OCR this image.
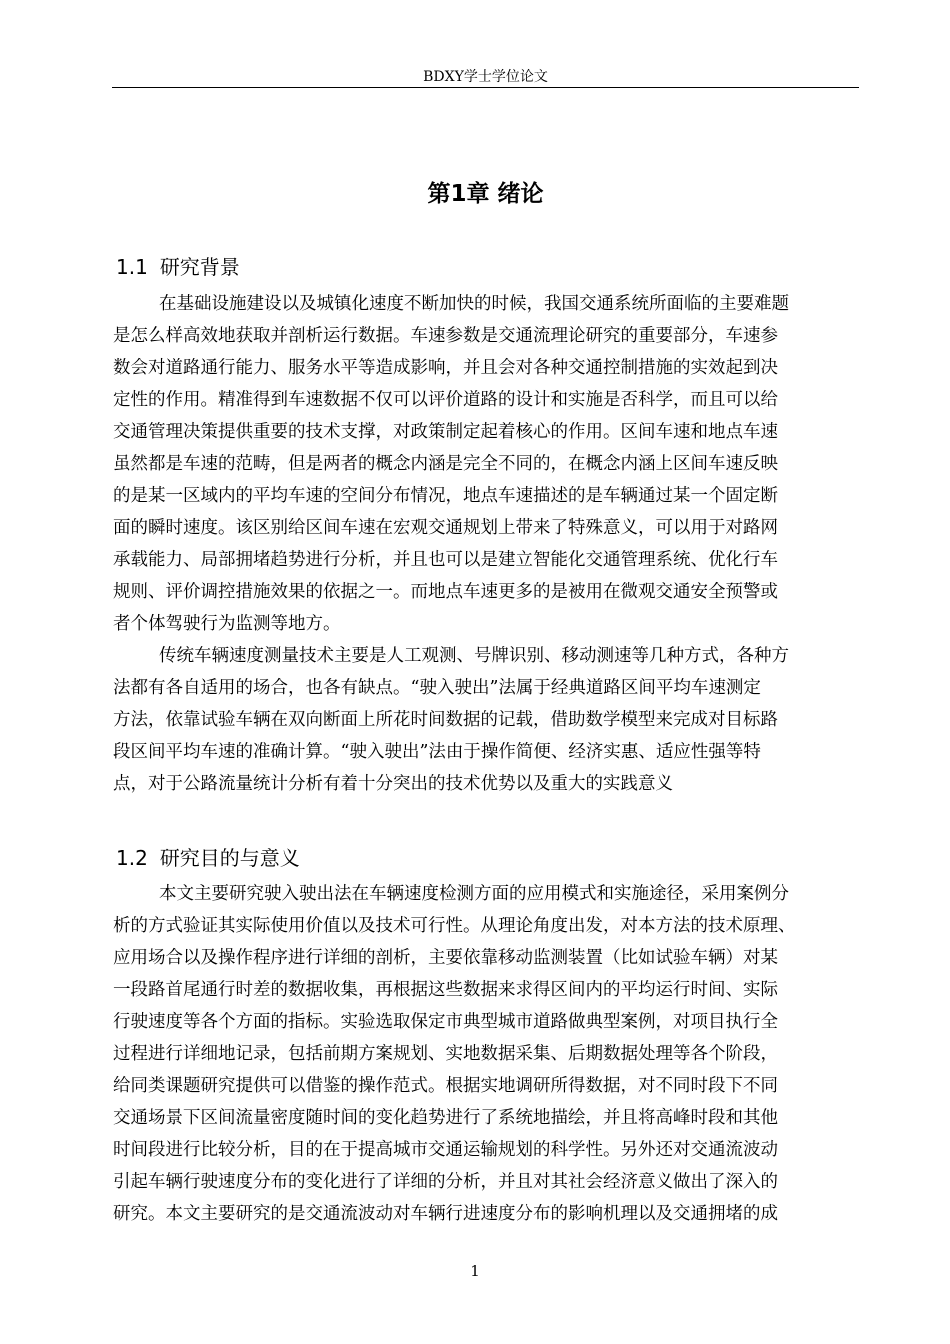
BDXY学士学位论文
第1章 绪论
1.1 研究背景
在基础设施建设以及城镇化速度不断加快的时候，我国交通系统所面临的主要难题
是怎么样高效地获取并剖析运行数据。车速参数是交通流理论研究的重要部分，车速参
数会对道路通行能力、服务水平等造成影响，并且会对各种交通控制措施的实效起到决
定性的作用。精准得到车速数据不仅可以评价道路的设计和实施是否科学，而且可以给
交通管理决策提供重要的技术支撑，对政策制定起着核心的作用。区间车速和地点车速
虽然都是车速的范畴，但是两者的概念内涵是完全不同的，在概念内涵上区间车速反映
的是某一区域内的平均车速的空间分布情况，地点车速描述的是车辆通过某一个固定断
面的瞬时速度。该区别给区间车速在宏观交通规划上带来了特殊意义，可以用于对路网
承载能力、局部拥堵趋势进行分析，并且也可以是建立智能化交通管理系统、优化行车
规则、评价调控措施效果的依据之一。而地点车速更多的是被用在微观交通安全预警或
者个体驾驶行为监测等地方。
传统车辆速度测量技术主要是人工观测、号牌识别、移动测速等几种方式，各种方
法都有各自适用的场合，也各有缺点。“驶入驶出”法属于经典道路区间平均车速测定
方法，依靠试验车辆在双向断面上所花时间数据的记载，借助数学模型来完成对目标路
段区间平均车速的准确计算。“驶入驶出”法由于操作简便、经济实惠、适应性强等特
点，对于公路流量统计分析有着十分突出的技术优势以及重大的实践意义
1.2 研究目的与意义
本文主要研究驶入驶出法在车辆速度检测方面的应用模式和实施途径，采用案例分
析的方式验证其实际使用价值以及技术可行性。从理论角度出发，对本方法的技术原理、
应用场合以及操作程序进行详细的剖析，主要依靠移动监测装置（比如试验车辆）对某
一段路首尾通行时差的数据收集，再根据这些数据来求得区间内的平均运行时间、实际
行驶速度等各个方面的指标。实验选取保定市典型城市道路做典型案例，对项目执行全
过程进行详细地记录，包括前期方案规划、实地数据采集、后期数据处理等各个阶段，
给同类课题研究提供可以借鉴的操作范式。根据实地调研所得数据，对不同时段下不同
交通场景下区间流量密度随时间的变化趋势进行了系统地描绘，并且将高峰时段和其他
时间段进行比较分析，目的在于提高城市交通运输规划的科学性。另外还对交通流波动
引起车辆行驶速度分布的变化进行了详细的分析，并且对其社会经济意义做出了深入的
研究。本文主要研究的是交通流波动对车辆行进速度分布的影响机理以及交通拥堵的成
1
